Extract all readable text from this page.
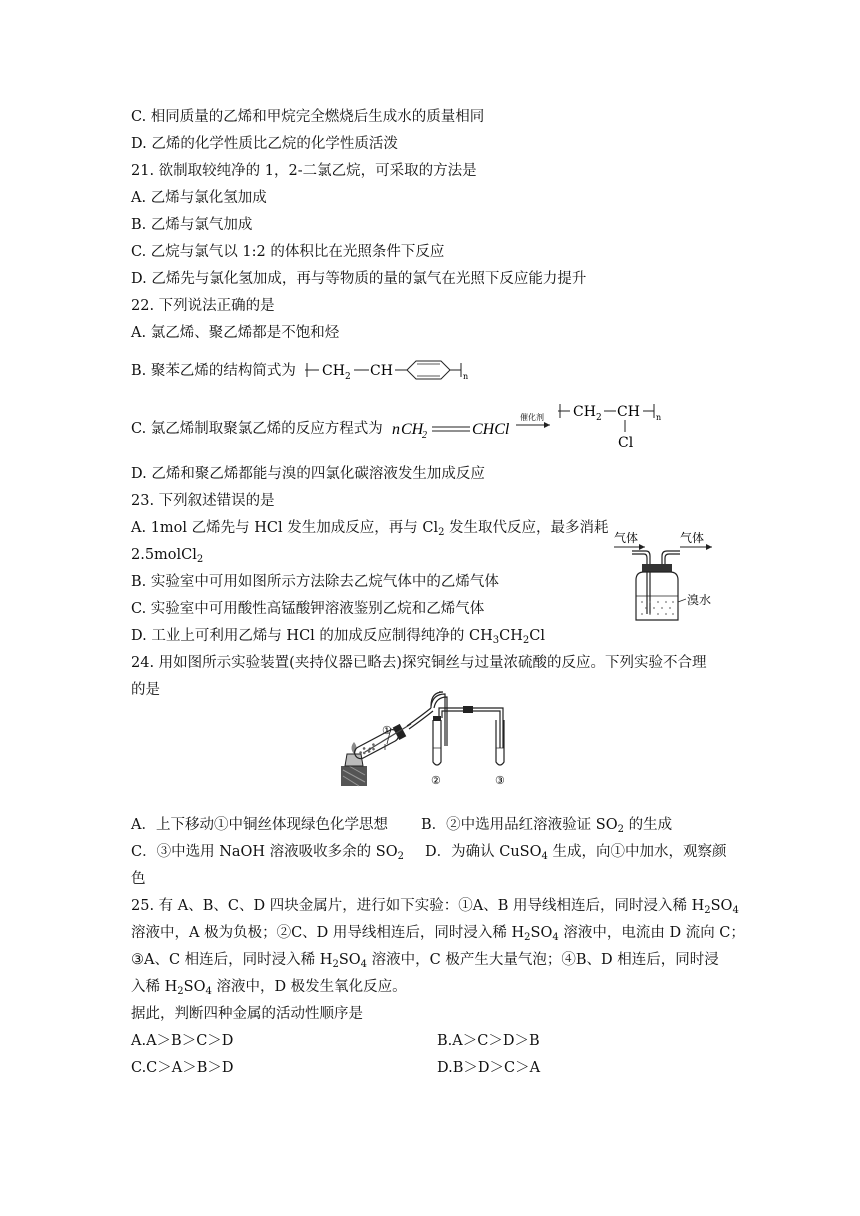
C. 相同质量的乙烯和甲烷完全燃烧后生成水的质量相同
D. 乙烯的化学性质比乙烷的化学性质活泼
21. 欲制取较纯净的 1，2-二氯乙烷，可采取的方法是
A. 乙烯与氯化氢加成
B. 乙烯与氯气加成
C. 乙烷与氯气以 1:2 的体积比在光照条件下反应
D. 乙烯先与氯化氢加成，再与等物质的量的氯气在光照下反应能力提升
22. 下列说法正确的是
A. 氯乙烯、聚乙烯都是不饱和烃
B. 聚苯乙烯的结构简式为 CH 2 CH	n
C. 氯乙烯制取聚氯乙烯的反应方程式为 n CH
2	CHCl
催化剂 CH 2 CH n
Cl
D. 乙烯和聚乙烯都能与溴的四氯化碳溶液发生加成反应
23. 下列叙述错误的是
A. 1mol 乙烯先与 HCl 发生加成反应，再与 $Cl_2$ 发生取代反应，最多消耗
2.5molCl$_2$
B. 实验室中可用如图所示方法除去乙烷气体中的乙烯气体
C. 实验室中可用酸性高锰酸钾溶液鉴别乙烷和乙烯气体
D. 工业上可利用乙烯与 HCl 的加成反应制得纯净的 $CH_3CH_2Cl$
气体	气体
溴水
24. 用如图所示实验装置(夹持仪器已略去)探究铜丝与过量浓硫酸的反应。下列实验不合理
的是
①
②	③
A．上下移动①中铜丝体现绿色化学思想 B．②中选用品红溶液验证 $SO_2$ 的生成
C．③中选用 NaOH 溶液吸收多余的 $SO_2$ D．为确认 CuSO$_4$ 生成，向①中加水，观察颜
色
25. 有 A、B、C、D 四块金属片，进行如下实验：①A、B 用导线相连后，同时浸入稀 $H_2SO_4$
溶液中，A 极为负极；②C、D 用导线相连后，同时浸入稀 $H_2SO_4$ 溶液中，电流由 D 流向 C；
③A、C 相连后，同时浸入稀 $H_2SO_4$ 溶液中，C 极产生大量气泡；④B、D 相连后，同时浸
入稀 $H_2SO_4$ 溶液中，D 极发生氧化反应。
据此，判断四种金属的活动性顺序是
A.A＞B＞C＞D	B.A＞C＞D＞B
C.C＞A＞B＞D	D.B＞D＞C＞A
